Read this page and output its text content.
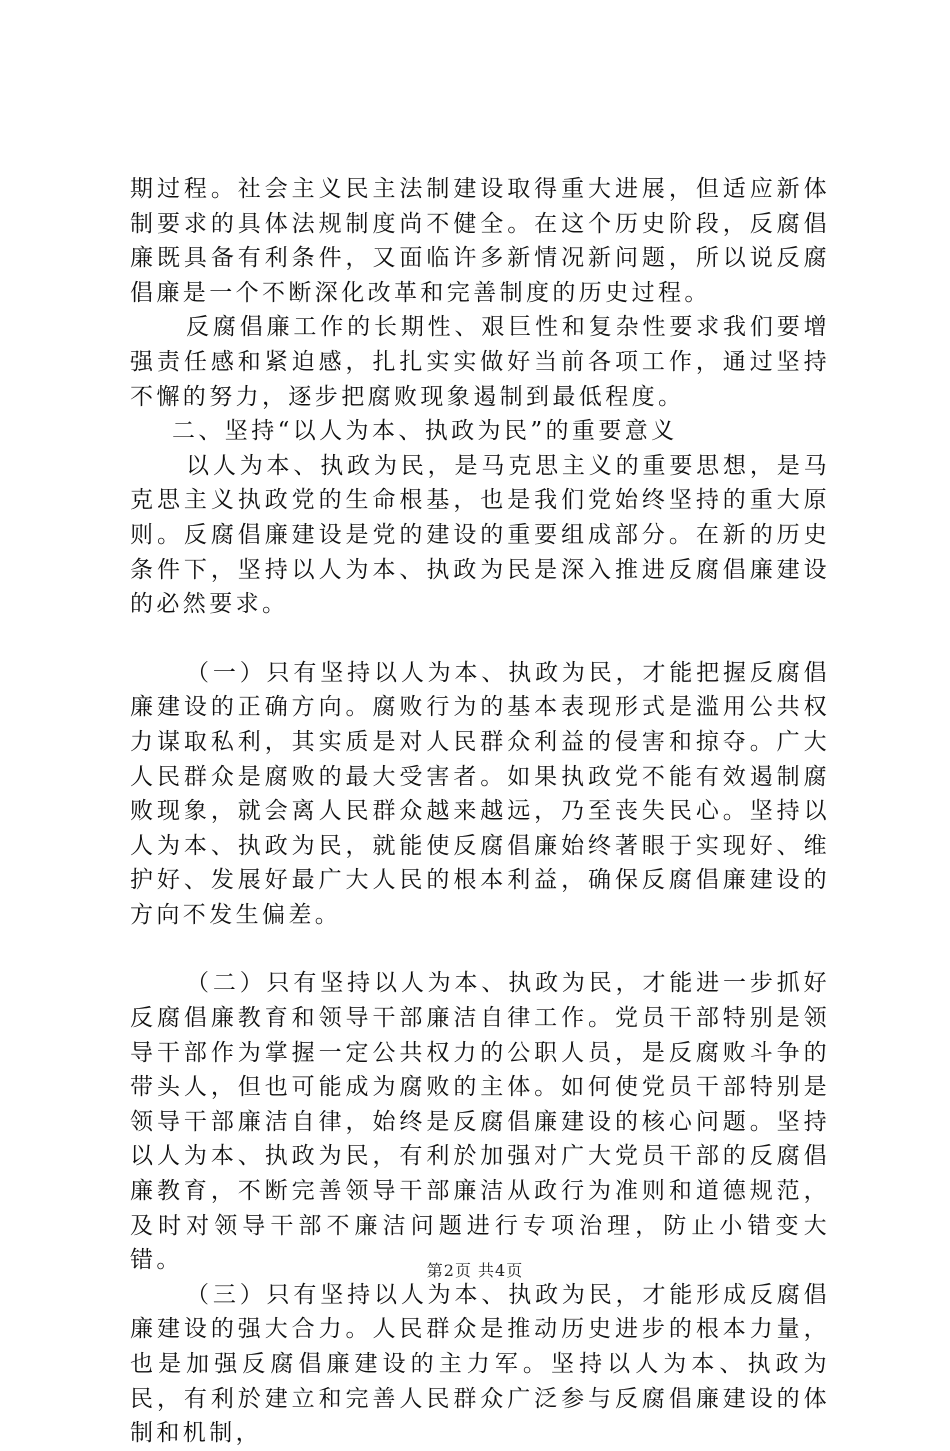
期过程。社会主义民主法制建设取得重大进展，但适应新体制要求的具体法规制度尚不健全。在这个历史阶段，反腐倡廉既具备有利条件，又面临许多新情况新问题，所以说反腐倡廉是一个不断深化改革和完善制度的历史过程。

反腐倡廉工作的长期性、艰巨性和复杂性要求我们要增强责任感和紧迫感，扎扎实实做好当前各项工作，通过坚持不懈的努力，逐步把腐败现象遏制到最低程度。

二、坚持“以人为本、执政为民”的重要意义

以人为本、执政为民，是马克思主义的重要思想，是马克思主义执政党的生命根基，也是我们党始终坚持的重大原则。反腐倡廉建设是党的建设的重要组成部分。在新的历史条件下，坚持以人为本、执政为民是深入推进反腐倡廉建设的必然要求。

（一）只有坚持以人为本、执政为民，才能把握反腐倡廉建设的正确方向。腐败行为的基本表现形式是滥用公共权力谋取私利，其实质是对人民群众利益的侵害和掠夺。广大人民群众是腐败的最大受害者。如果执政党不能有效遏制腐败现象，就会离人民群众越来越远，乃至丧失民心。坚持以人为本、执政为民，就能使反腐倡廉始终著眼于实现好、维护好、发展好最广大人民的根本利益，确保反腐倡廉建设的方向不发生偏差。

（二）只有坚持以人为本、执政为民，才能进一步抓好反腐倡廉教育和领导干部廉洁自律工作。党员干部特别是领导干部作为掌握一定公共权力的公职人员，是反腐败斗争的带头人，但也可能成为腐败的主体。如何使党员干部特别是领导干部廉洁自律，始终是反腐倡廉建设的核心问题。坚持以人为本、执政为民，有利於加强对广大党员干部的反腐倡廉教育，不断完善领导干部廉洁从政行为准则和道德规范，及时对领导干部不廉洁问题进行专项治理，防止小错变大错。

（三）只有坚持以人为本、执政为民，才能形成反腐倡廉建设的强大合力。人民群众是推动历史进步的根本力量，也是加强反腐倡廉建设的主力军。坚持以人为本、执政为民，有利於建立和完善人民群众广泛参与反腐倡廉建设的体制和机制，

第2页 共4页
